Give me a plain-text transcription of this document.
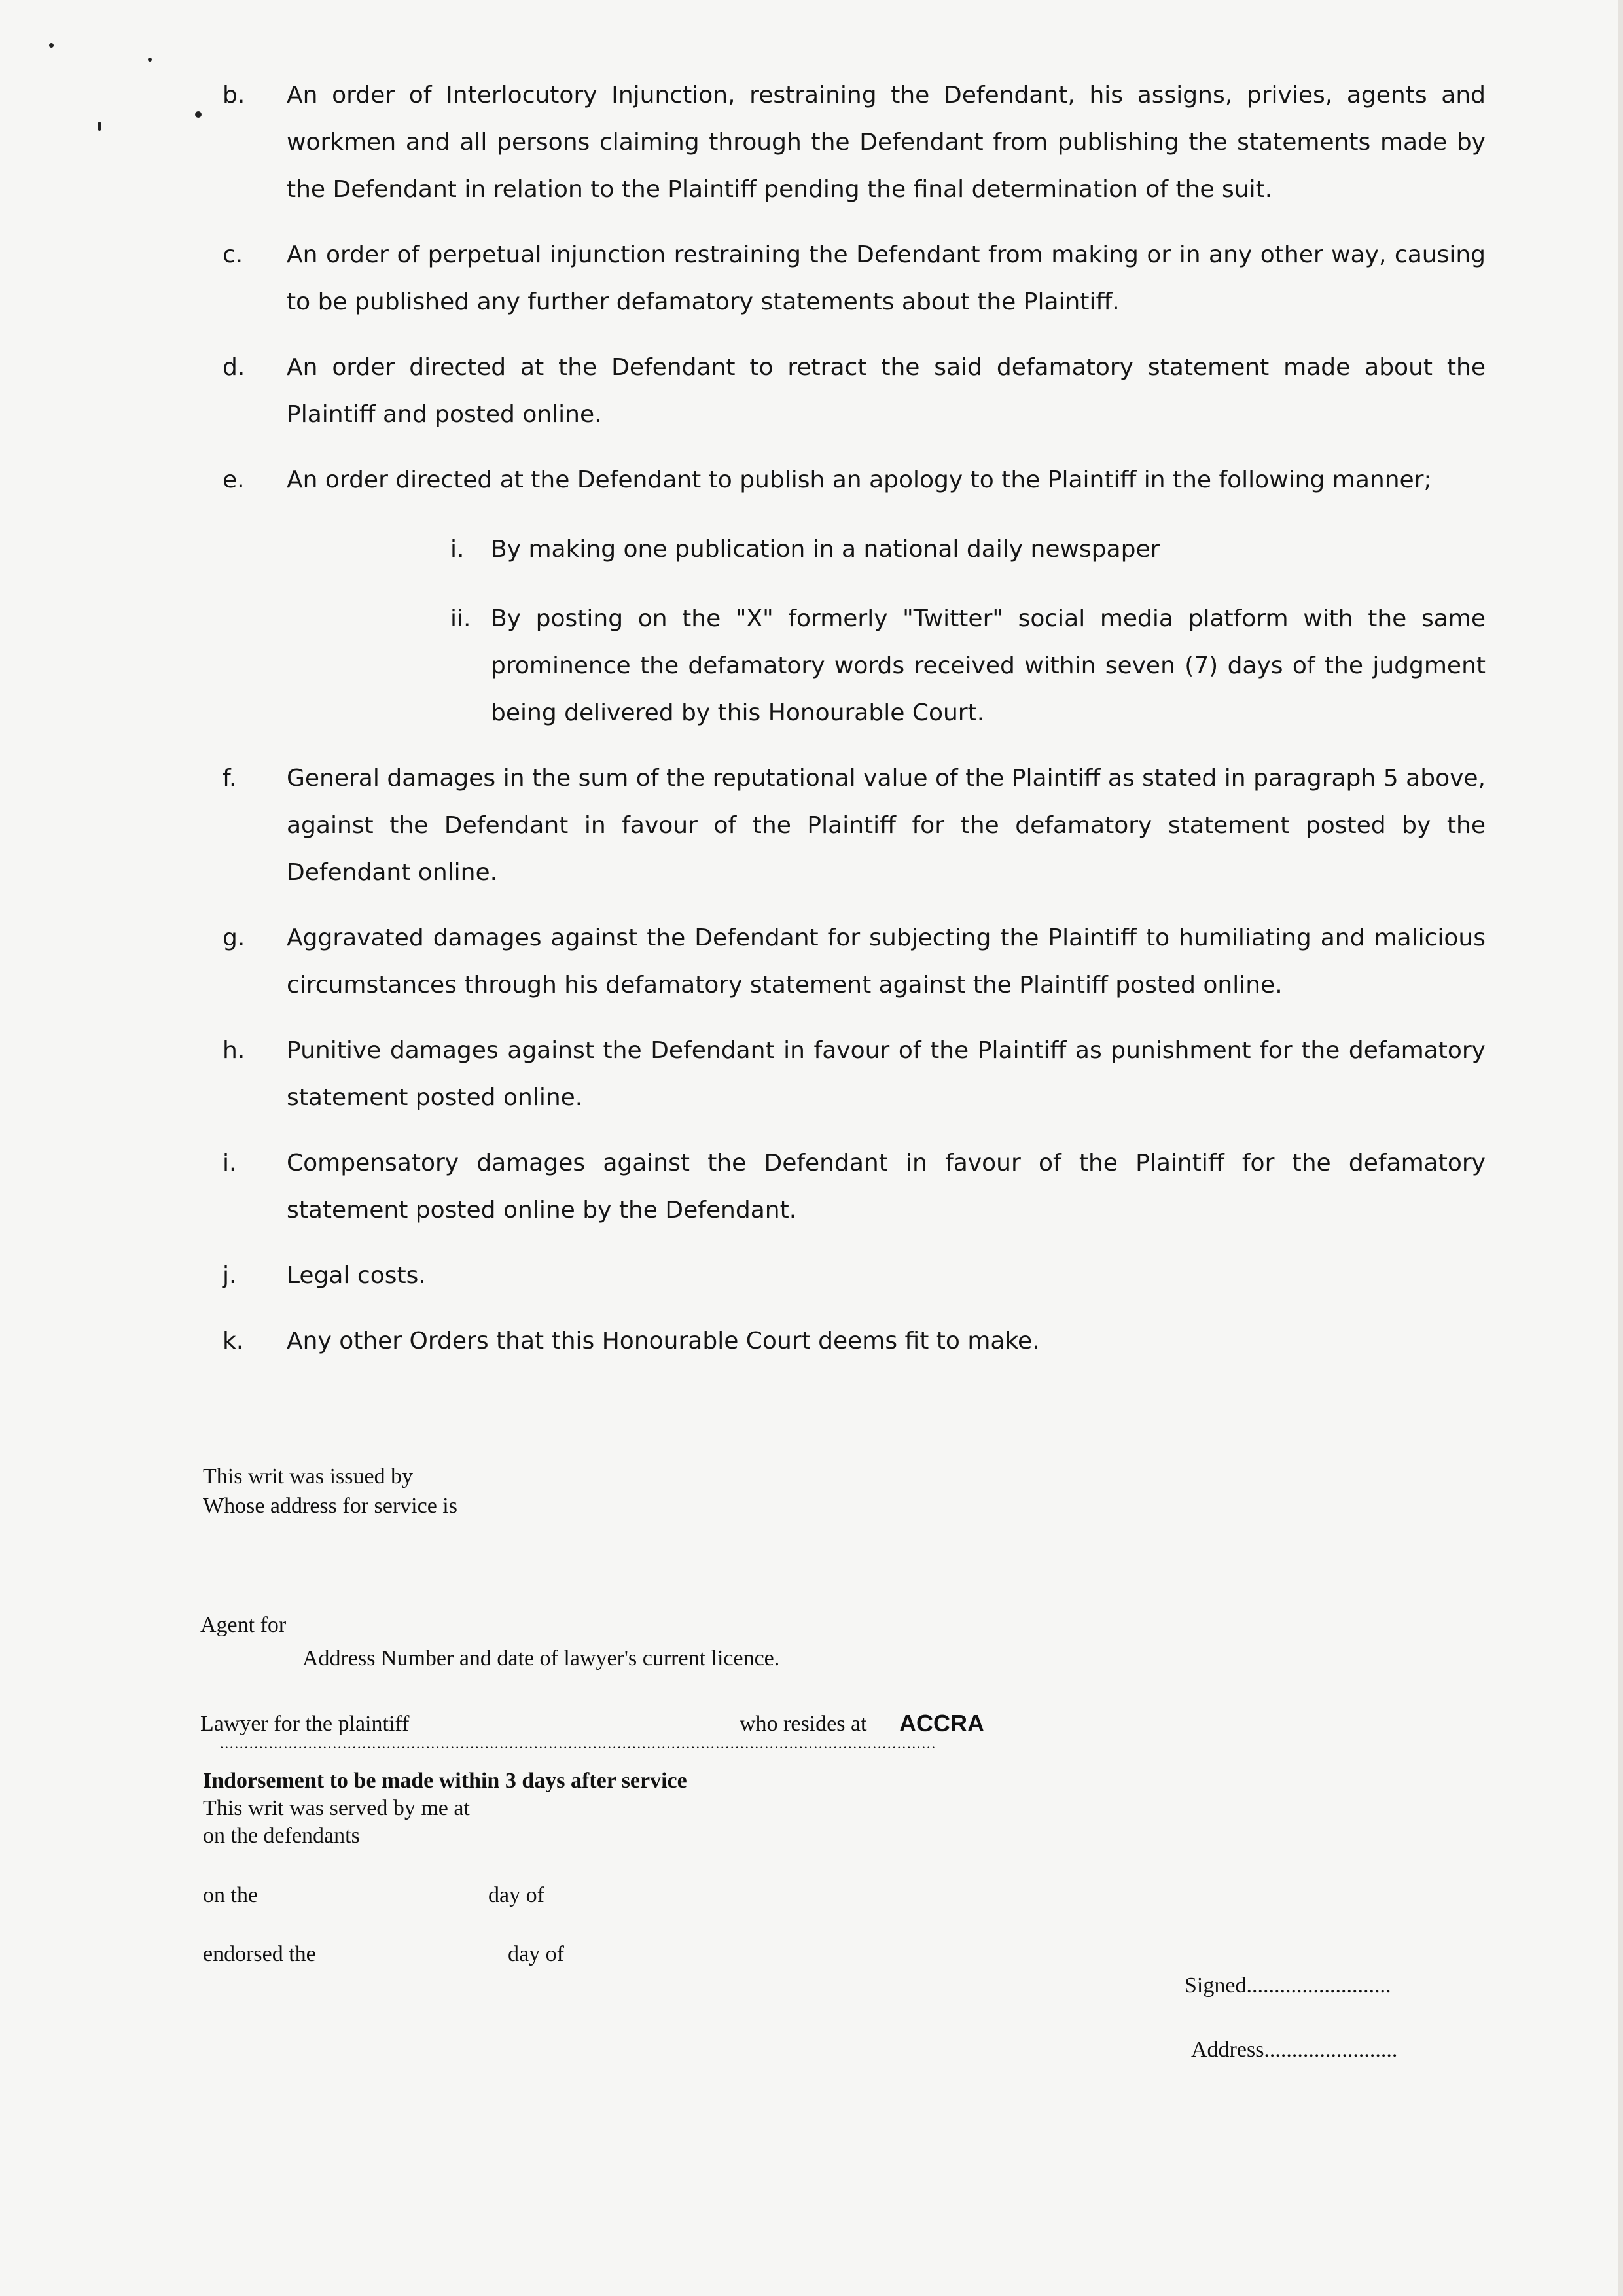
b. An order of Interlocutory Injunction, restraining the Defendant, his assigns, privies, agents and workmen and all persons claiming through the Defendant from publishing the statements made by the Defendant in relation to the Plaintiff pending the final determination of the suit.
c. An order of perpetual injunction restraining the Defendant from making or in any other way, causing to be published any further defamatory statements about the Plaintiff.
d. An order directed at the Defendant to retract the said defamatory statement made about the Plaintiff and posted online.
e. An order directed at the Defendant to publish an apology to the Plaintiff in the following manner;
i. By making one publication in a national daily newspaper
ii. By posting on the "X" formerly "Twitter" social media platform with the same prominence the defamatory words received within seven (7) days of the judgment being delivered by this Honourable Court.
f. General damages in the sum of the reputational value of the Plaintiff as stated in paragraph 5 above, against the Defendant in favour of the Plaintiff for the defamatory statement posted by the Defendant online.
g. Aggravated damages against the Defendant for subjecting the Plaintiff to humiliating and malicious circumstances through his defamatory statement against the Plaintiff posted online.
h. Punitive damages against the Defendant in favour of the Plaintiff as punishment for the defamatory statement posted online.
i. Compensatory damages against the Defendant in favour of the Plaintiff for the defamatory statement posted online by the Defendant.
j. Legal costs.
k. Any other Orders that this Honourable Court deems fit to make.
This writ was issued by
Whose address for service is
Agent for
Address Number and date of lawyer's current licence.
Lawyer for the plaintiff	who resides at ACCRA
..................................................................................................................................................
Indorsement to be made within 3 days after service
This writ was served by me at
on the defendants
on the	day of
endorsed the	day of
Signed..........................
Address........................
